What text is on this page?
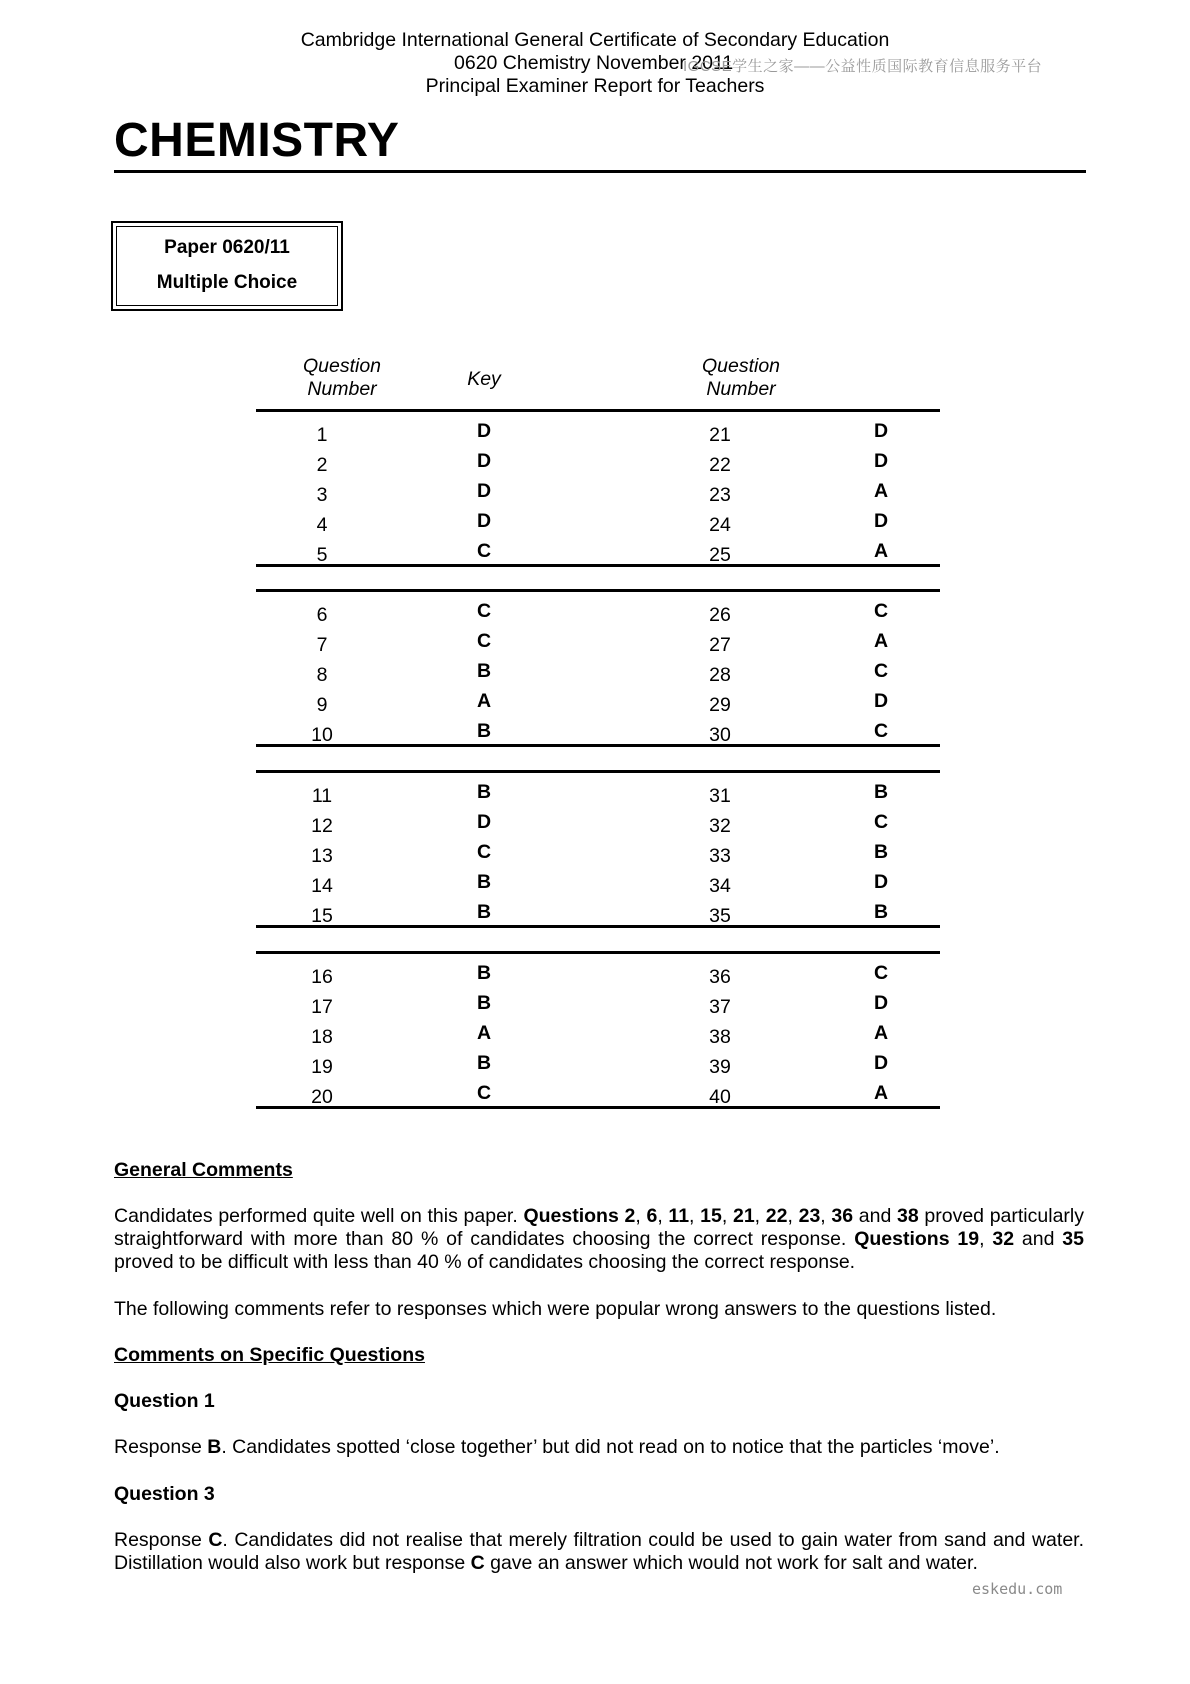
Cambridge International General Certificate of Secondary Education
0620 Chemistry November 2011
Principal Examiner Report for Teachers
IGCSE学生之家——公益性质国际教育信息服务平台
CHEMISTRY
Paper 0620/11
Multiple Choice
Question Number	Key
Question Number
1	D	21	D
2	D	22	D
3	D	23	A
4	D	24	D
5	C	25	A
6	C	26	C
7	C	27	A
8	B	28	C
9	A	29	D
10	B	30	C
11	B	31	B
12	D	32	C
13	C	33	B
14	B	34	D
15	B	35	B
16	B	36	C
17	B	37	D
18	A	38	A
19	B	39	D
20	C	40	A
General Comments
Candidates performed quite well on this paper. Questions 2, 6, 11, 15, 21, 22, 23, 36 and 38 proved particularly straightforward with more than 80 % of candidates choosing the correct response. Questions 19, 32 and 35 proved to be difficult with less than 40 % of candidates choosing the correct response.
The following comments refer to responses which were popular wrong answers to the questions listed.
Comments on Specific Questions
Question 1
Response B. Candidates spotted ‘close together’ but did not read on to notice that the particles ‘move’.
Question 3
Response C. Candidates did not realise that merely filtration could be used to gain water from sand and water. Distillation would also work but response C gave an answer which would not work for salt and water.
eskedu.com
